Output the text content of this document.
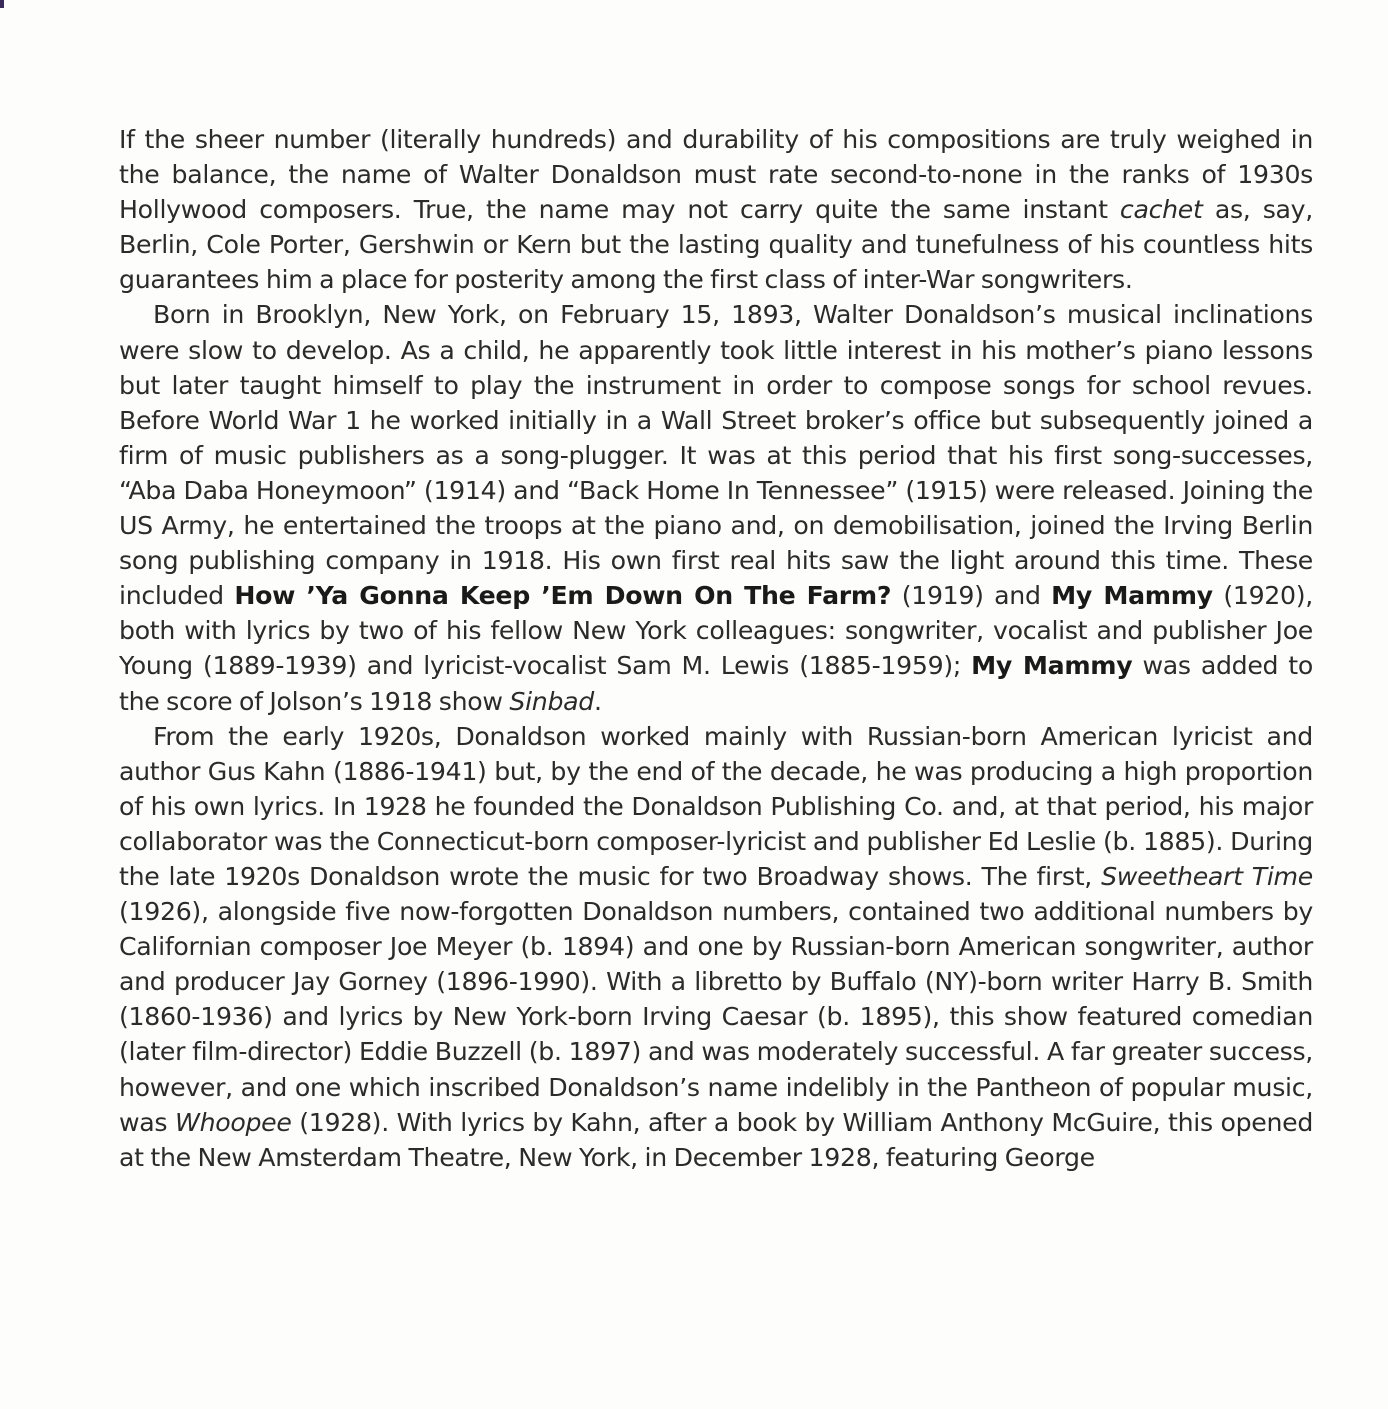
If the sheer number (literally hundreds) and durability of his compositions are truly weighed in the balance, the name of Walter Donaldson must rate second-to-none in the ranks of 1930s Hollywood composers. True, the name may not carry quite the same instant cachet as, say, Berlin, Cole Porter, Gershwin or Kern but the lasting quality and tunefulness of his countless hits guarantees him a place for posterity among the first class of inter-War songwriters.

Born in Brooklyn, New York, on February 15, 1893, Walter Donaldson’s musical inclinations were slow to develop. As a child, he apparently took little interest in his mother’s piano lessons but later taught himself to play the instrument in order to compose songs for school revues. Before World War 1 he worked initially in a Wall Street broker’s office but subsequently joined a firm of music publishers as a song-plugger. It was at this period that his first song-successes, “Aba Daba Honeymoon” (1914) and “Back Home In Tennessee” (1915) were released. Joining the US Army, he entertained the troops at the piano and, on demobilisation, joined the Irving Berlin song publishing company in 1918. His own first real hits saw the light around this time. These included How ’Ya Gonna Keep ’Em Down On The Farm? (1919) and My Mammy (1920), both with lyrics by two of his fellow New York colleagues: songwriter, vocalist and publisher Joe Young (1889-1939) and lyricist-vocalist Sam M. Lewis (1885-1959); My Mammy was added to the score of Jolson’s 1918 show Sinbad.

From the early 1920s, Donaldson worked mainly with Russian-born American lyricist and author Gus Kahn (1886-1941) but, by the end of the decade, he was producing a high proportion of his own lyrics. In 1928 he founded the Donaldson Publishing Co. and, at that period, his major collaborator was the Connecticut-born composer-lyricist and publisher Ed Leslie (b. 1885). During the late 1920s Donaldson wrote the music for two Broadway shows. The first, Sweetheart Time (1926), alongside five now-forgotten Donaldson numbers, contained two additional numbers by Californian composer Joe Meyer (b. 1894) and one by Russian-born American songwriter, author and producer Jay Gorney (1896-1990). With a libretto by Buffalo (NY)-born writer Harry B. Smith (1860-1936) and lyrics by New York-born Irving Caesar (b. 1895), this show featured comedian (later film-director) Eddie Buzzell (b. 1897) and was moderately successful. A far greater success, however, and one which inscribed Donaldson’s name indelibly in the Pantheon of popular music, was Whoopee (1928). With lyrics by Kahn, after a book by William Anthony McGuire, this opened at the New Amsterdam Theatre, New York, in December 1928, featuring George
